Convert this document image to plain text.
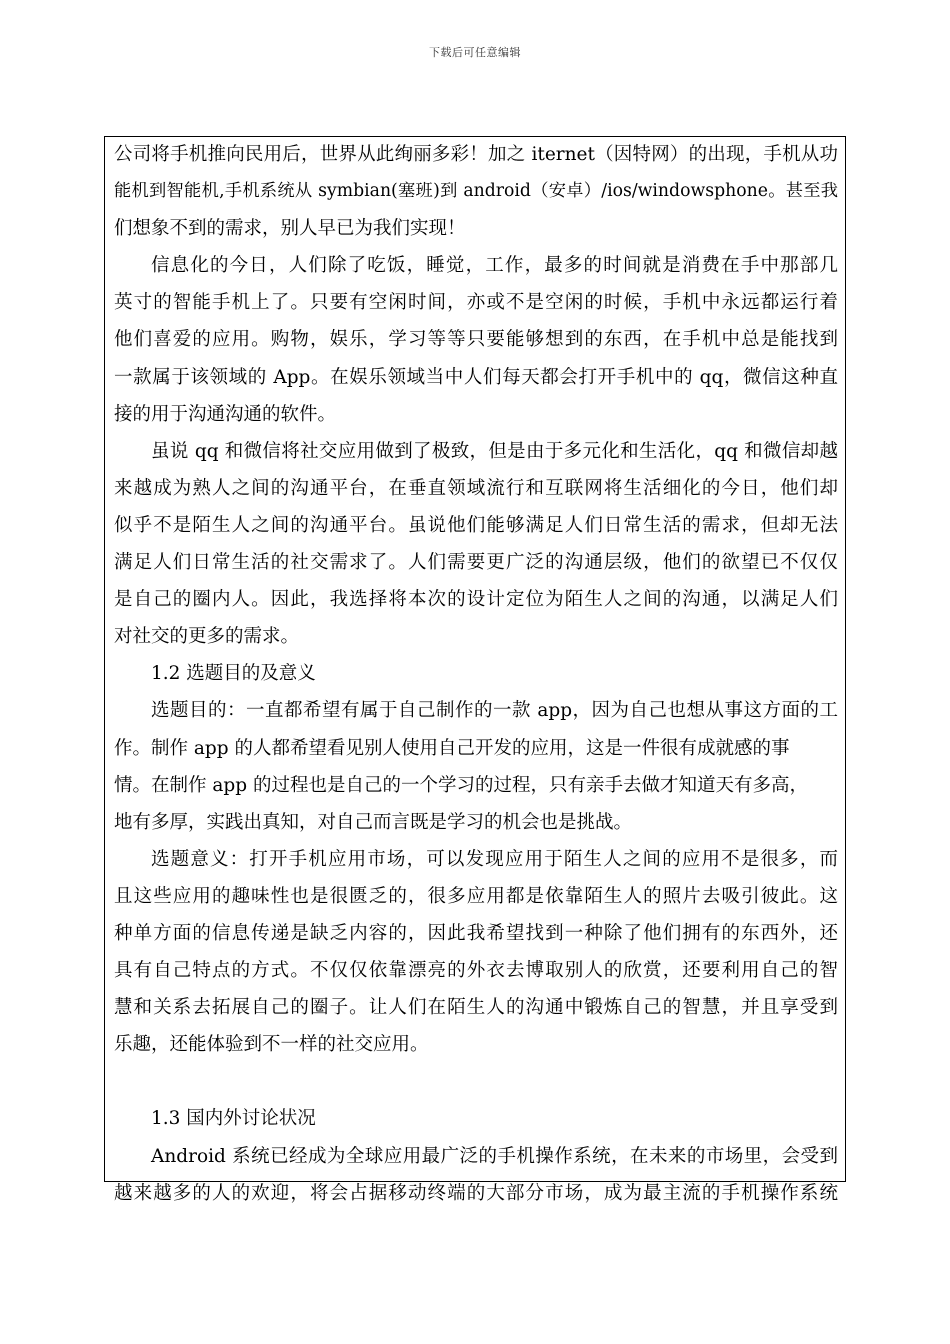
下载后可任意编辑
公司将手机推向民用后，世界从此绚丽多彩！加之 iternet（因特网）的出现，手机从功
能机到智能机,手机系统从 symbian(塞班)到 android（安卓）/ios/windowsphone。甚至我
们想象不到的需求，别人早已为我们实现！
信息化的今日，人们除了吃饭，睡觉，工作，最多的时间就是消费在手中那部几
英寸的智能手机上了。只要有空闲时间，亦或不是空闲的时候，手机中永远都运行着
他们喜爱的应用。购物，娱乐，学习等等只要能够想到的东西，在手机中总是能找到
一款属于该领域的 App。在娱乐领域当中人们每天都会打开手机中的 qq，微信这种直
接的用于沟通沟通的软件。
虽说 qq 和微信将社交应用做到了极致，但是由于多元化和生活化，qq 和微信却越
来越成为熟人之间的沟通平台，在垂直领域流行和互联网将生活细化的今日，他们却
似乎不是陌生人之间的沟通平台。虽说他们能够满足人们日常生活的需求，但却无法
满足人们日常生活的社交需求了。人们需要更广泛的沟通层级，他们的欲望已不仅仅
是自己的圈内人。因此，我选择将本次的设计定位为陌生人之间的沟通，以满足人们
对社交的更多的需求。
1.2 选题目的及意义
选题目的：一直都希望有属于自己制作的一款 app，因为自己也想从事这方面的工
作。制作 app 的人都希望看见别人使用自己开发的应用，这是一件很有成就感的事
情。在制作 app 的过程也是自己的一个学习的过程，只有亲手去做才知道天有多高，
地有多厚，实践出真知，对自己而言既是学习的机会也是挑战。
选题意义：打开手机应用市场，可以发现应用于陌生人之间的应用不是很多，而
且这些应用的趣味性也是很匮乏的，很多应用都是依靠陌生人的照片去吸引彼此。这
种单方面的信息传递是缺乏内容的，因此我希望找到一种除了他们拥有的东西外，还
具有自己特点的方式。不仅仅依靠漂亮的外衣去博取别人的欣赏，还要利用自己的智
慧和关系去拓展自己的圈子。让人们在陌生人的沟通中锻炼自己的智慧，并且享受到
乐趣，还能体验到不一样的社交应用。
1.3 国内外讨论状况
Android 系统已经成为全球应用最广泛的手机操作系统，在未来的市场里，会受到
越来越多的人的欢迎，将会占据移动终端的大部分市场，成为最主流的手机操作系统
